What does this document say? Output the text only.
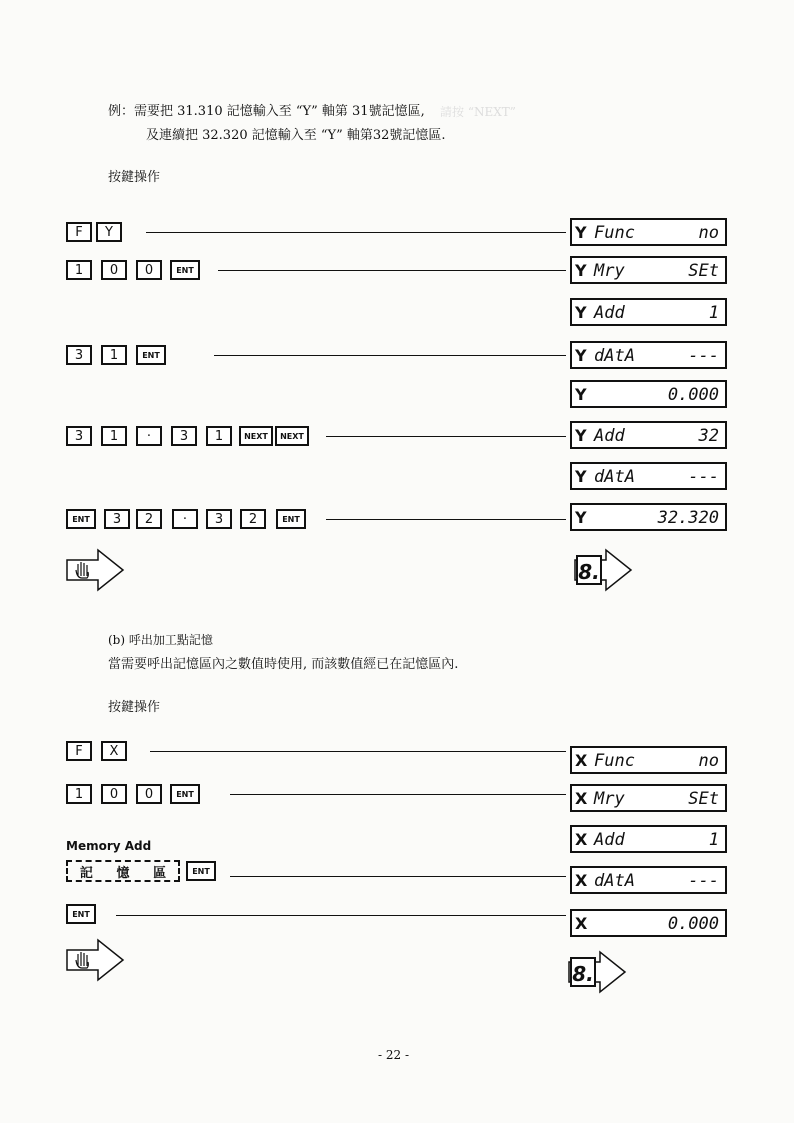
請按 “NEXT”
例：需要把 31.310 記憶輸入至 “Y” 軸第 31號記憶區,
及連續把 32.320 記憶輸入至 “Y” 軸第32號記憶區.
按鍵操作
F	Y	Y Func	no
1	0	0	ENT	Y Mry	SEt
Y Add	1
3	1	ENT	Y dAtA	---
Y	0.000
3	1	·	3	1	NEXT	NEXT	Y Add	32
Y dAtA	---
ENT	3	2	·	3	2	ENT	Y	32.320
8.
(b) 呼出加工點記憶
當需要呼出記憶區內之數值時使用, 而該數值經已在記憶區內.
按鍵操作
F	X	X Func	no
1	0	0	ENT	X Mry	SEt
X Add	1
Memory Add
記 憶 區	ENT	X dAtA	---
ENT	X	0.000
8.
- 22 -
